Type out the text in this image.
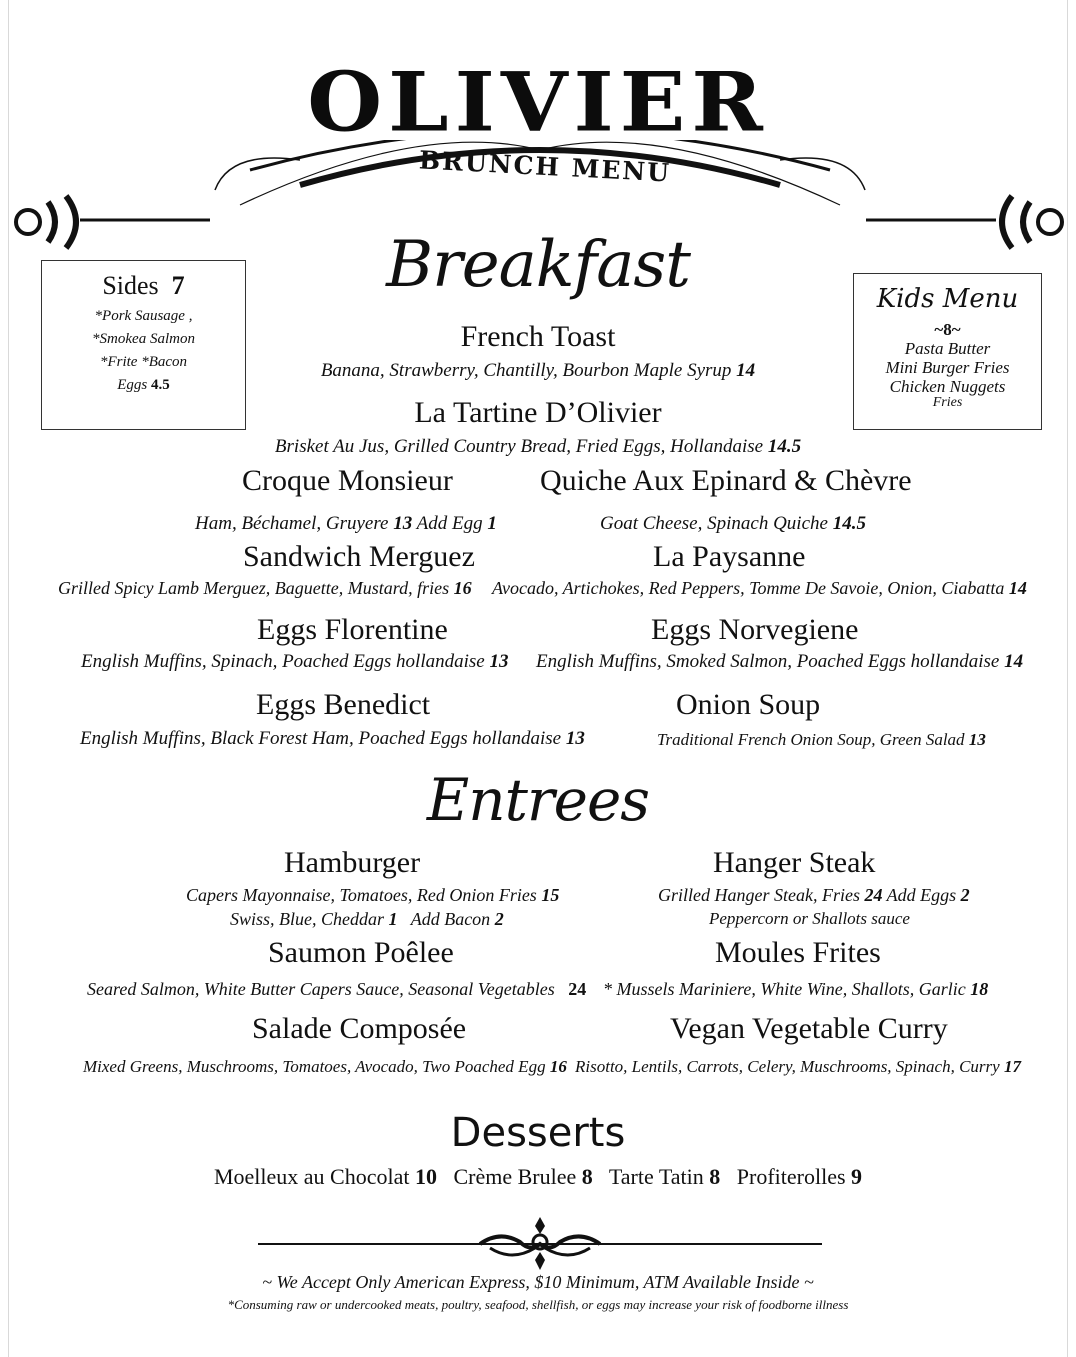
OLIVIER
BRUNCH MENU
Sides 7
*Pork Sausage ,
*Smokea Salmon
*Frite *Bacon
Eggs 4.5
Kids Menu
~8~
Pasta Butter
Mini Burger Fries
Chicken Nuggets
Fries
Breakfast
French Toast
Banana, Strawberry, Chantilly, Bourbon Maple Syrup 14
La Tartine D’Olivier
Brisket Au Jus, Grilled Country Bread, Fried Eggs, Hollandaise 14.5
Croque Monsieur	Quiche Aux Epinard & Chèvre
Ham, Béchamel, Gruyere 13 Add Egg 1	Goat Cheese, Spinach Quiche 14.5
Sandwich Merguez	La Paysanne
Grilled Spicy Lamb Merguez, Baguette, Mustard, fries 16 Avocado, Artichokes, Red Peppers, Tomme De Savoie, Onion, Ciabatta 14
Eggs Florentine	Eggs Norvegiene
English Muffins, Spinach, Poached Eggs hollandaise 13 English Muffins, Smoked Salmon, Poached Eggs hollandaise 14
Eggs Benedict	Onion Soup
English Muffins, Black Forest Ham, Poached Eggs hollandaise 13	Traditional French Onion Soup, Green Salad 13
Entrees
Hamburger	Hanger Steak
Capers Mayonnaise, Tomatoes, Red Onion Fries 15
Swiss, Blue, Cheddar 1 Add Bacon 2
Grilled Hanger Steak, Fries 24 Add Eggs 2
Peppercorn or Shallots sauce
Saumon Poêlee	Moules Frites
Seared Salmon, White Butter Capers Sauce, Seasonal Vegetables 24 * Mussels Mariniere, White Wine, Shallots, Garlic 18
Salade Composée	Vegan Vegetable Curry
Mixed Greens, Muschrooms, Tomatoes, Avocado, Two Poached Egg 16 Risotto, Lentils, Carrots, Celery, Muschrooms, Spinach, Curry 17
Desserts
Moelleux au Chocolat 10 Crème Brulee 8 Tarte Tatin 8 Profiterolles 9
~ We Accept Only American Express, $10 Minimum, ATM Available Inside ~
*Consuming raw or undercooked meats, poultry, seafood, shellfish, or eggs may increase your risk of foodborne illness
